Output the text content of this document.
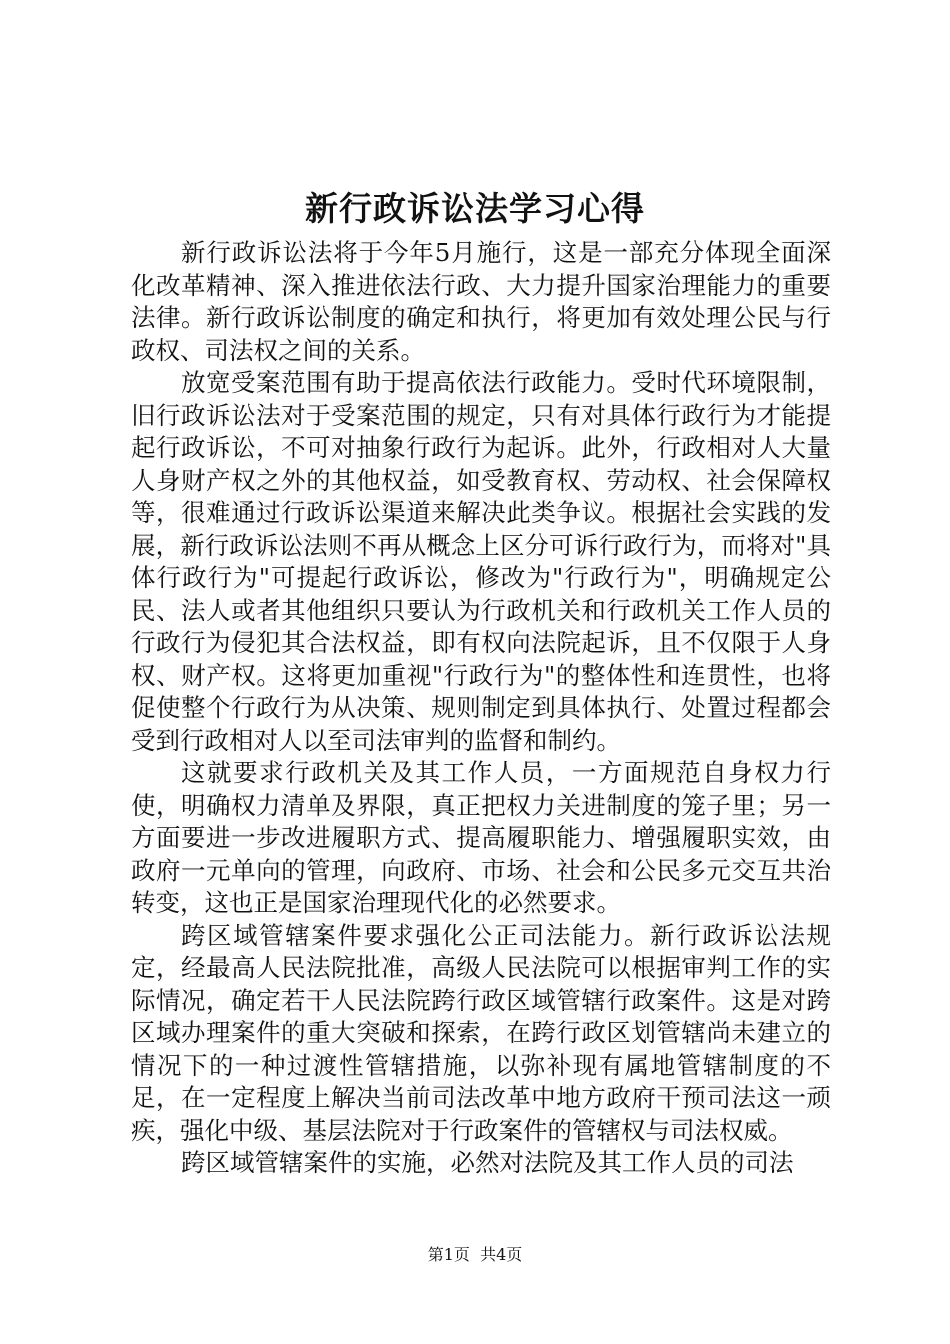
新行政诉讼法学习心得

新行政诉讼法将于今年5月施行，这是一部充分体现全面深化改革精神、深入推进依法行政、大力提升国家治理能力的重要法律。新行政诉讼制度的确定和执行，将更加有效处理公民与行政权、司法权之间的关系。

放宽受案范围有助于提高依法行政能力。受时代环境限制，旧行政诉讼法对于受案范围的规定，只有对具体行政行为才能提起行政诉讼，不可对抽象行政行为起诉。此外，行政相对人大量人身财产权之外的其他权益，如受教育权、劳动权、社会保障权等，很难通过行政诉讼渠道来解决此类争议。根据社会实践的发展，新行政诉讼法则不再从概念上区分可诉行政行为，而将对"具体行政行为"可提起行政诉讼，修改为"行政行为"，明确规定公民、法人或者其他组织只要认为行政机关和行政机关工作人员的行政行为侵犯其合法权益，即有权向法院起诉，且不仅限于人身权、财产权。这将更加重视"行政行为"的整体性和连贯性，也将促使整个行政行为从决策、规则制定到具体执行、处置过程都会受到行政相对人以至司法审判的监督和制约。

这就要求行政机关及其工作人员，一方面规范自身权力行使，明确权力清单及界限，真正把权力关进制度的笼子里；另一方面要进一步改进履职方式、提高履职能力、增强履职实效，由政府一元单向的管理，向政府、市场、社会和公民多元交互共治转变，这也正是国家治理现代化的必然要求。

跨区域管辖案件要求强化公正司法能力。新行政诉讼法规定，经最高人民法院批准，高级人民法院可以根据审判工作的实际情况，确定若干人民法院跨行政区域管辖行政案件。这是对跨区域办理案件的重大突破和探索，在跨行政区划管辖尚未建立的情况下的一种过渡性管辖措施，以弥补现有属地管辖制度的不足，在一定程度上解决当前司法改革中地方政府干预司法这一顽疾，强化中级、基层法院对于行政案件的管辖权与司法权威。

跨区域管辖案件的实施，必然对法院及其工作人员的司法

第1页 共4页
